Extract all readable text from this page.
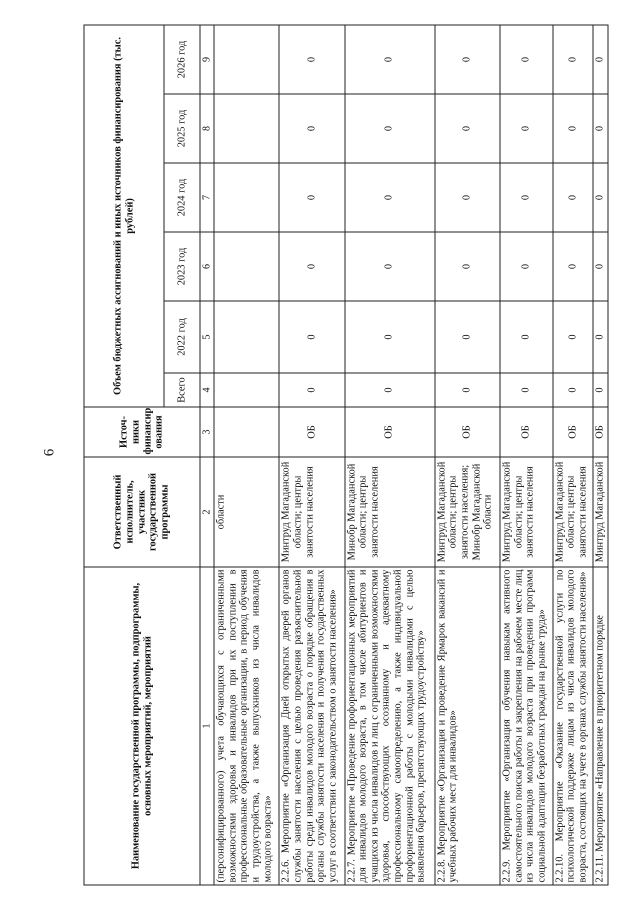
6
Наименование государственной программы, подпрограммы, основных мероприятий, мероприятий	Ответственный исполнитель, участник государственной программы	Источники финансир ования	Объем бюджетных ассигнований и иных источников финансирования (тыс. рублей)					
			Всего	2022 год	2023 год	2024 год	2025 год	2026 год
1	2	3	4	5	6	7	8	9
(персонифицированного) учета обучающихся с ограниченными возможностями здоровья и инвалидов при их поступлении в профессиональные образовательные организации, в период обучения и трудоустройства, а также выпускников из числа инвалидов молодого возраста»	области							
2.2.6. Мероприятие «Организация Дней открытых дверей органов службы занятости населения с целью проведения разъяснительной работы среди инвалидов молодого возраста о порядке обращения в органы службы занятости населения и получения государственных услуг в соответствии с законодательством о занятости населения»	Минтруд Магаданской области; центры занятости населения	ОБ	0	0	0	0	0	0
2.2.7. Мероприятие «Проведение профориентационных мероприятий для инвалидов молодого возраста, в том числе абитуриентов и учащихся из числа инвалидов и лиц с ограниченными возможностями здоровья, способствующих осознанному и адекватному профессиональному самоопределению, а также индивидуальной профориентационной работы с молодыми инвалидами с целью выявления барьеров, препятствующих трудоустройству»	Минобр Магаданской области; центры занятости населения	ОБ	0	0	0	0	0	0
2.2.8. Мероприятие «Организация и проведение Ярмарок вакансий и учебных рабочих мест для инвалидов»	Минтруд Магаданской области; центры занятости населения; Минобр Магаданской области	ОБ	0	0	0	0	0	0
2.2.9. Мероприятие «Организация обучения навыкам активного самостоятельного поиска работы и закрепления на рабочем месте лиц из числа инвалидов молодого возраста при проведении программ социальной адаптации безработных граждан на рынке труда»	Минтруд Магаданской области; центры занятости населения	ОБ	0	0	0	0	0	0
2.2.10. Мероприятие «Оказание государственной услуги по психологической поддержке лицам из числа инвалидов молодого возраста, состоящих на учете в органах службы занятости населения»	Минтруд Магаданской области; центры занятости населения	ОБ	0	0	0	0	0	0
2.2.11. Мероприятие «Направление в приоритетном порядке	Минтруд Магаданской	ОБ	0	0	0	0	0	0
